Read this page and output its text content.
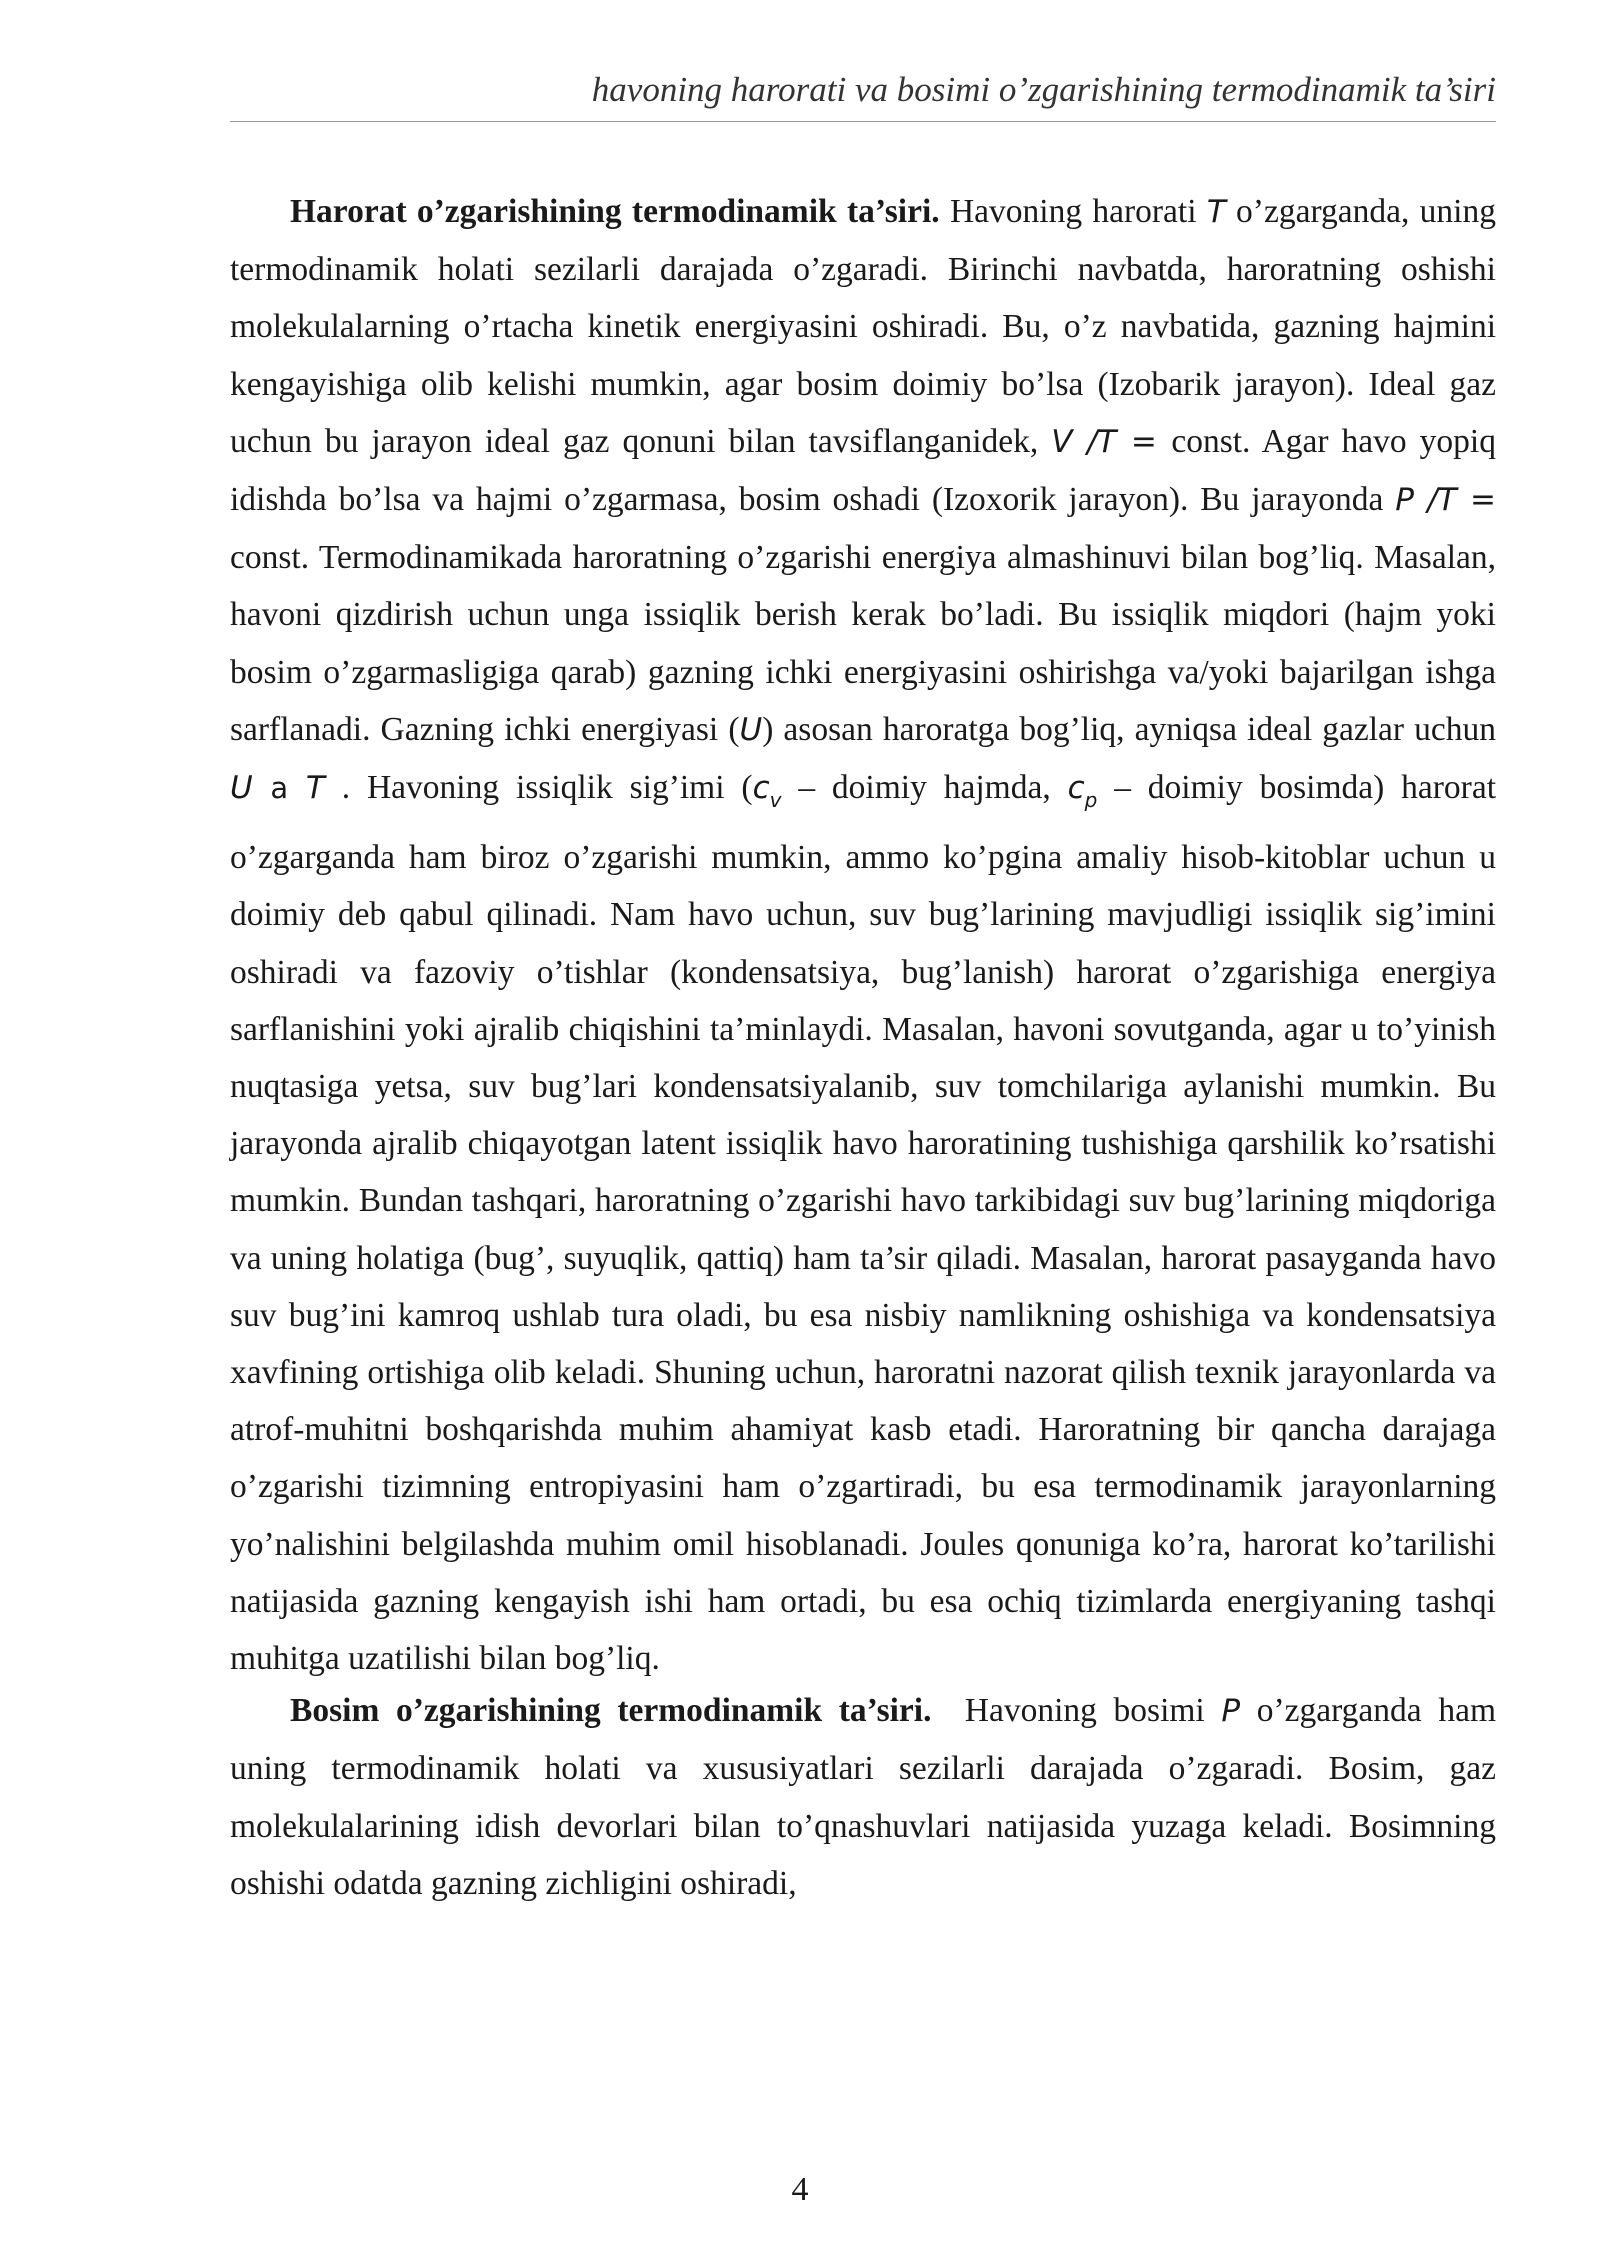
havoning harorati va bosimi o’zgarishining termodinamik ta’siri

Harorat o’zgarishining termodinamik ta’siri. Havoning harorati T o’zgarganda, uning termodinamik holati sezilarli darajada o’zgaradi. Birinchi navbatda, haroratning oshishi molekulalarning o’rtacha kinetik energiyasini oshiradi. Bu, o’z navbatida, gazning hajmini kengayishiga olib kelishi mumkin, agar bosim doimiy bo’lsa (Izobarik jarayon). Ideal gaz uchun bu jarayon ideal gaz qonuni bilan tavsiflanganidek, V /T = const. Agar havo yopiq idishda bo’lsa va hajmi o’zgarmasa, bosim oshadi (Izoxorik jarayon). Bu jarayonda P /T = const. Termodinamikada haroratning o’zgarishi energiya almashinuvi bilan bog’liq. Masalan, havoni qizdirish uchun unga issiqlik berish kerak bo’ladi. Bu issiqlik miqdori (hajm yoki bosim o’zgarmasligiga qarab) gazning ichki energiyasini oshirishga va/yoki bajarilgan ishga sarflanadi. Gazning ichki energiyasi (U) asosan haroratga bog’liq, ayniqsa ideal gazlar uchun U a T . Havoning issiqlik sig’imi ($c_v$ – doimiy hajmda, $c_p$ – doimiy bosimda) harorat o’zgarganda ham biroz o’zgarishi mumkin, ammo ko’pgina amaliy hisob-kitoblar uchun u doimiy deb qabul qilinadi. Nam havo uchun, suv bug’larining mavjudligi issiqlik sig’imini oshiradi va fazoviy o’tishlar (kondensatsiya, bug’lanish) harorat o’zgarishiga energiya sarflanishini yoki ajralib chiqishini ta’minlaydi. Masalan, havoni sovutganda, agar u to’yinish nuqtasiga yetsa, suv bug’lari kondensatsiyalanib, suv tomchilariga aylanishi mumkin. Bu jarayonda ajralib chiqayotgan latent issiqlik havo haroratining tushishiga qarshilik ko’rsatishi mumkin. Bundan tashqari, haroratning o’zgarishi havo tarkibidagi suv bug’larining miqdoriga va uning holatiga (bug’, suyuqlik, qattiq) ham ta’sir qiladi. Masalan, harorat pasayganda havo suv bug’ini kamroq ushlab tura oladi, bu esa nisbiy namlikning oshishiga va kondensatsiya xavfining ortishiga olib keladi. Shuning uchun, haroratni nazorat qilish texnik jarayonlarda va atrof-muhitni boshqarishda muhim ahamiyat kasb etadi. Haroratning bir qancha darajaga o’zgarishi tizimning entropiyasini ham o’zgartiradi, bu esa termodinamik jarayonlarning yo’nalishini belgilashda muhim omil hisoblanadi. Joules qonuniga ko’ra, harorat ko’tarilishi natijasida gazning kengayish ishi ham ortadi, bu esa ochiq tizimlarda energiyaning tashqi muhitga uzatilishi bilan bog’liq.

Bosim o’zgarishining termodinamik ta’siri.  Havoning bosimi P o’zgarganda ham uning termodinamik holati va xususiyatlari sezilarli darajada o’zgaradi. Bosim, gaz molekulalarining idish devorlari bilan to’qnashuvlari natijasida yuzaga keladi. Bosimning oshishi odatda gazning zichligini oshiradi,

4
